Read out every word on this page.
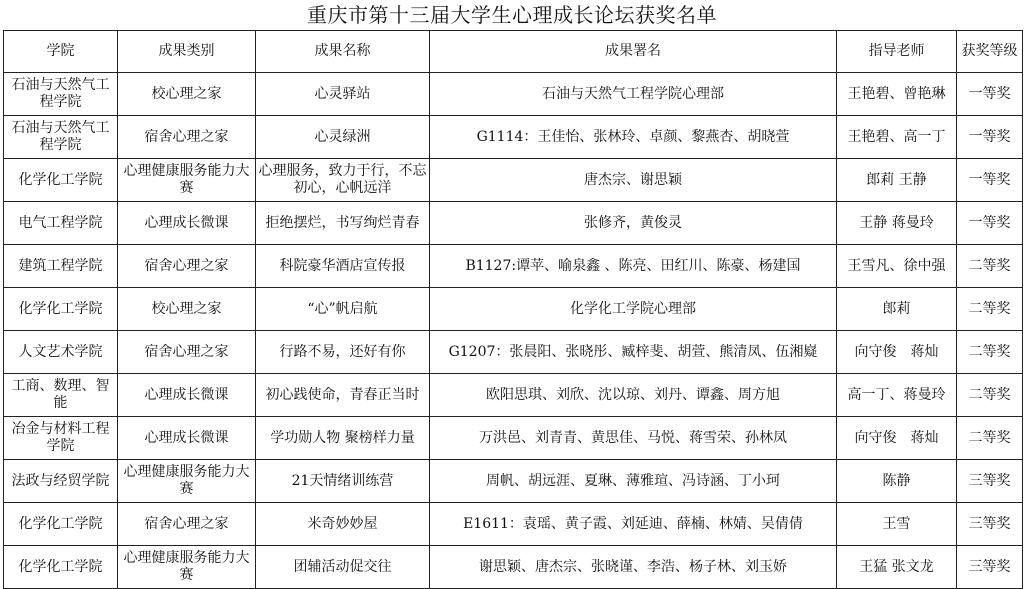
重庆市第十三届大学生心理成长论坛获奖名单
学院	成果类别	成果名称	成果署名	指导老师	获奖等级

石油与天然气工程学院	校心理之家	心灵驿站	石油与天然气工程学院心理部	王艳碧、曾艳琳	一等奖

石油与天然气工程学院	宿舍心理之家	心灵绿洲	G1114：王佳怡、张林玲、卓颜、黎燕杏、胡晓萱	王艳碧、高一丁	一等奖

化学化工学院	心理健康服务能力大赛	心理服务，致力于行，不忘初心，心帆远洋	唐杰宗、谢思颖	郎莉 王静	一等奖

电气工程学院	心理成长微课	拒绝摆烂，书写绚烂青春	张修齐，黄俊灵	王静 蒋曼玲	一等奖

建筑工程学院	宿舍心理之家	科院豪华酒店宣传报	B1127:谭苹、喻泉鑫 、陈亮、田红川、陈豪、杨建国	王雪凡、徐中强	二等奖

化学化工学院	校心理之家	“心”帆启航	化学化工学院心理部	郎莉	二等奖

人文艺术学院	宿舍心理之家	行路不易，还好有你	G1207：张晨阳、张晓彤、臧梓斐、胡萱、熊清凤、伍湘嶷	向守俊　蒋灿	二等奖

工商、数理、智能	心理成长微课	初心践使命，青春正当时	欧阳思琪、刘欣、沈以琼、刘丹、谭鑫、周方旭	高一丁、蒋曼玲	二等奖

冶金与材料工程学院	心理成长微课	学功勋人物 聚榜样力量	万洪邑、刘青青、黄思佳、马悦、蒋雪荣、孙林凤	向守俊　蒋灿	二等奖

法政与经贸学院	心理健康服务能力大赛	21天情绪训练营	周帆、胡远涯、夏琳、薄雅瑄、冯诗涵、丁小珂	陈静	三等奖

化学化工学院	宿舍心理之家	米奇妙妙屋	E1611：袁瑶、黄子霞、刘延迪、薛楠、林婧、吴倩倩	王雪	三等奖

化学化工学院	心理健康服务能力大赛	团辅活动促交往	谢思颖、唐杰宗、张晓谨、李浩、杨子林、刘玉娇	王猛 张文龙	三等奖
